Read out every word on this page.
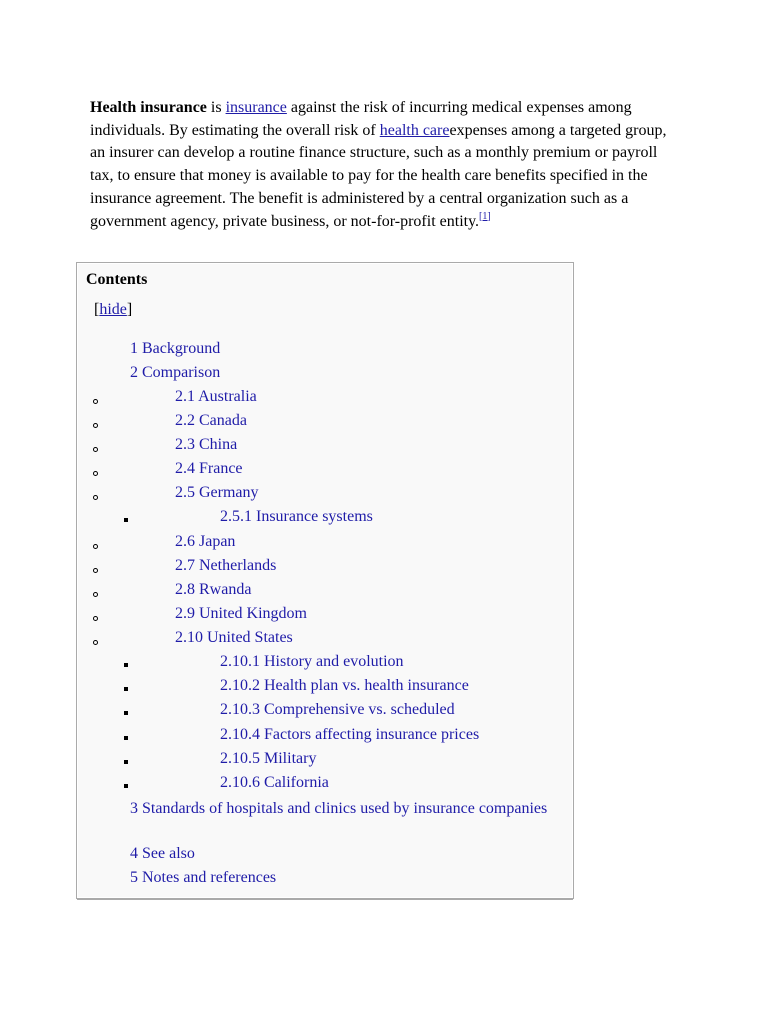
Health insurance is insurance against the risk of incurring medical expenses among individuals. By estimating the overall risk of health careexpenses among a targeted group, an insurer can develop a routine finance structure, such as a monthly premium or payroll tax, to ensure that money is available to pay for the health care benefits specified in the insurance agreement. The benefit is administered by a central organization such as a government agency, private business, or not-for-profit entity.[1]
Contents
[hide]
1 Background
2 Comparison
2.1 Australia
2.2 Canada
2.3 China
2.4 France
2.5 Germany
2.5.1 Insurance systems
2.6 Japan
2.7 Netherlands
2.8 Rwanda
2.9 United Kingdom
2.10 United States
2.10.1 History and evolution
2.10.2 Health plan vs. health insurance
2.10.3 Comprehensive vs. scheduled
2.10.4 Factors affecting insurance prices
2.10.5 Military
2.10.6 California
3 Standards of hospitals and clinics used by insurance companies
4 See also
5 Notes and references
